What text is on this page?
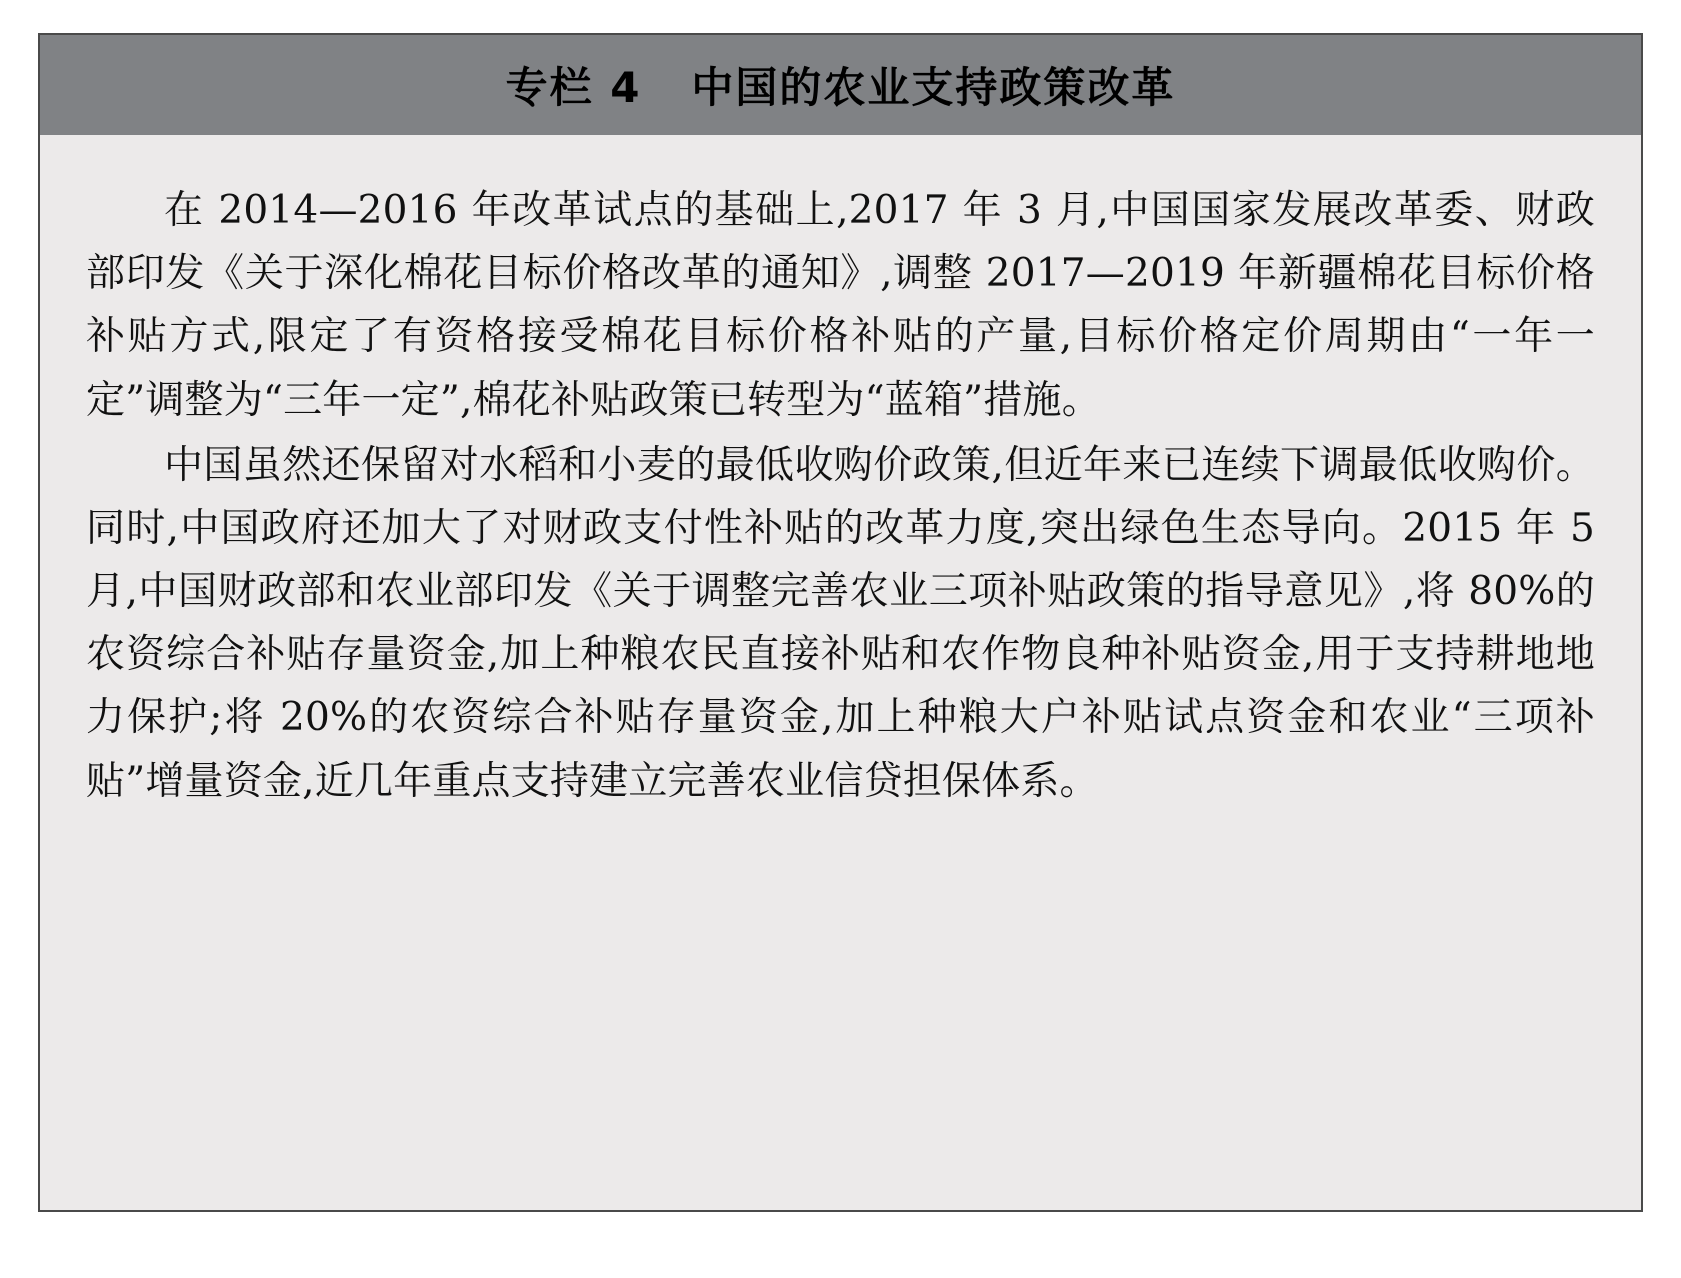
专栏 4   中国的农业支持政策改革

在 2014—2016 年改革试点的基础上,2017 年 3 月,中国国家发展改革委、财政部印发《关于深化棉花目标价格改革的通知》,调整 2017—2019 年新疆棉花目标价格补贴方式,限定了有资格接受棉花目标价格补贴的产量,目标价格定价周期由“一年一定”调整为“三年一定”,棉花补贴政策已转型为“蓝箱”措施。

中国虽然还保留对水稻和小麦的最低收购价政策,但近年来已连续下调最低收购价。同时,中国政府还加大了对财政支付性补贴的改革力度,突出绿色生态导向。2015 年 5 月,中国财政部和农业部印发《关于调整完善农业三项补贴政策的指导意见》,将 80%的农资综合补贴存量资金,加上种粮农民直接补贴和农作物良种补贴资金,用于支持耕地地力保护;将 20%的农资综合补贴存量资金,加上种粮大户补贴试点资金和农业“三项补贴”增量资金,近几年重点支持建立完善农业信贷担保体系。
